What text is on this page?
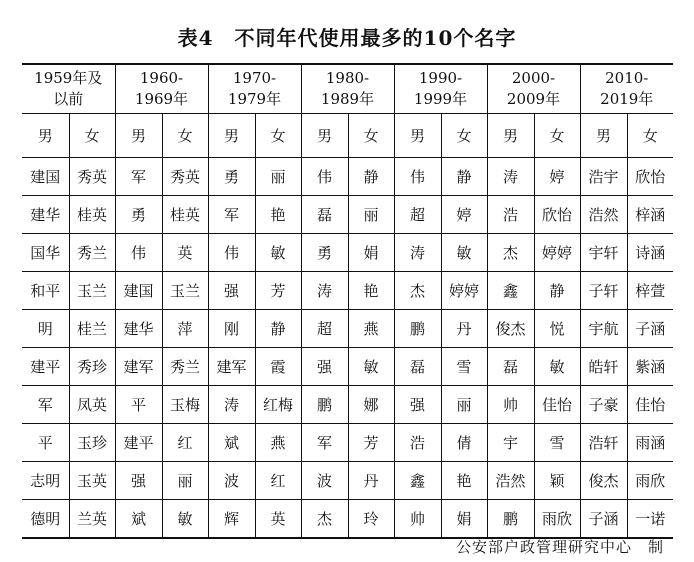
表4　不同年代使用最多的10个名字
1959年及以前		1960-1969年		1970-1979年		1980-1989年		1990-1999年		2000-2009年		2010-2019年	

男	女	男	女	男	女	男	女	男	女	男	女	男	女
建国	秀英	军	秀英	勇	丽	伟	静	伟	静	涛	婷	浩宇	欣怡
建华	桂英	勇	桂英	军	艳	磊	丽	超	婷	浩	欣怡	浩然	梓涵
国华	秀兰	伟	英	伟	敏	勇	娟	涛	敏	杰	婷婷	宇轩	诗涵
和平	玉兰	建国	玉兰	强	芳	涛	艳	杰	婷婷	鑫	静	子轩	梓萱
明	桂兰	建华	萍	刚	静	超	燕	鹏	丹	俊杰	悦	宇航	子涵
建平	秀珍	建军	秀兰	建军	霞	强	敏	磊	雪	磊	敏	皓轩	紫涵
军	凤英	平	玉梅	涛	红梅	鹏	娜	强	丽	帅	佳怡	子豪	佳怡
平	玉珍	建平	红	斌	燕	军	芳	浩	倩	宇	雪	浩轩	雨涵
志明	玉英	强	丽	波	红	波	丹	鑫	艳	浩然	颖	俊杰	雨欣
德明	兰英	斌	敏	辉	英	杰	玲	帅	娟	鹏	雨欣	子涵	一诺
公安部户政管理研究中心　制
